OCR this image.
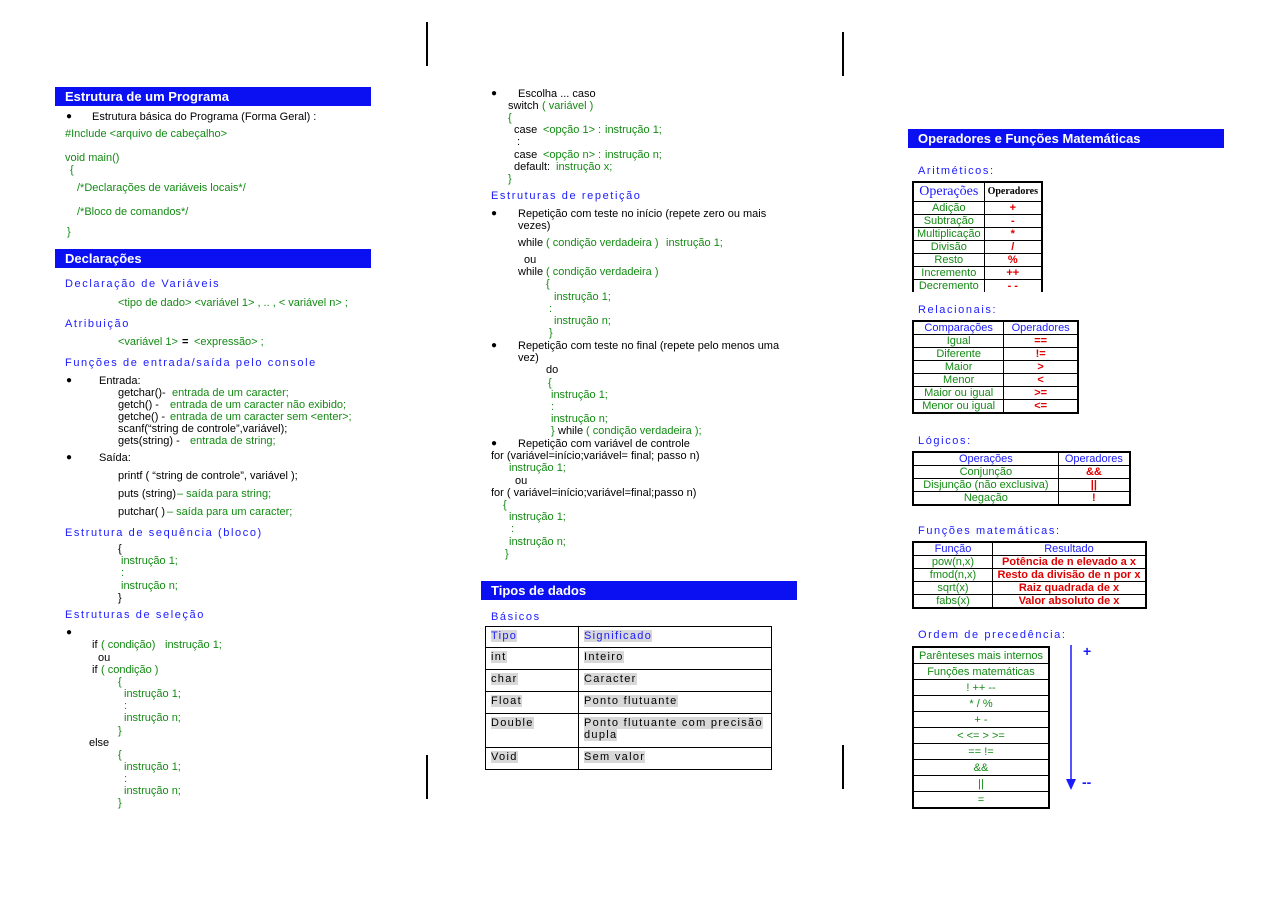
Estrutura de um Programa
● Estrutura básica do Programa (Forma Geral) :
#Include <arquivo de cabeçalho>
void main()
{
/*Declarações de variáveis locais*/
/*Bloco de comandos*/
}
Declarações
Declaração de Variáveis
<tipo de dado> <variável 1> , .. , < variável n> ;
Atribuição
<variável 1> = <expressão> ;
Funções de entrada/saída pelo console
● Entrada:
getchar()- entrada de um caracter;
getch() - entrada de um caracter não exibido;
getche() - entrada de um caracter sem <enter>;
scanf(“string de controle”,variável);
gets(string) - entrada de string;
● Saída:
printf ( “string de controle”, variável );
puts (string) – saída para string;
putchar( ) – saída para um caracter;
Estrutura de sequência (bloco)
{
instrução 1;
:
instrução n;
}
Estruturas de seleção
●
if ( condição) instrução 1;
ou
if ( condição )
{
instrução 1;
:
instrução n;
}
else
{
instrução 1;
:
instrução n;
}
● Escolha ... caso
switch ( variável )
{
case <opção 1> : instrução 1;
:
case <opção n> : instrução n;
default: instrução x;
}
Estruturas de repetição
● Repetição com teste no início (repete zero ou mais
vezes)
while ( condição verdadeira ) instrução 1;
ou
while ( condição verdadeira )
{
instrução 1;
:
instrução n;
}
● Repetição com teste no final (repete pelo menos uma
vez)
do
{
instrução 1;
:
instrução n;
} while ( condição verdadeira );
● Repetição com variável de controle
for (variável=início;variável= final; passo n)
instrução 1;
ou
for ( variável=início;variável=final;passo n)
{
instrução 1;
:
instrução n;
}
Tipos de dados
Básicos
Tipo	Significado
int	Inteiro
char	Caracter
Float	Ponto flutuante
Double	Ponto flutuante com precisão
dupla
Void	Sem valor
Operadores e Funções Matemáticas
Aritméticos:
Operações	Operadores
Adição	+
Subtração	-
Multiplicação	*
Divisão	/
Resto	%
Incremento	++
Decremento	- -
Relacionais:
Comparações	Operadores
Igual	==
Diferente	!=
Maior	>
Menor	<
Maior ou igual	>=
Menor ou igual	<=
Lógicos:
Operações	Operadores
Conjunção	&&
Disjunção (não exclusiva)	||
Negação	!
Funções matemáticas:
Função	Resultado
pow(n,x)	Potência de n elevado a x
fmod(n,x)	Resto da divisão de n por x
sqrt(x)	Raiz quadrada de x
fabs(x)	Valor absoluto de x
Ordem de precedência:
Parênteses mais internos
Funções matemáticas
! ++ --
* / %
+ -
< <= > >=
== !=
&&
||
=
+
--
